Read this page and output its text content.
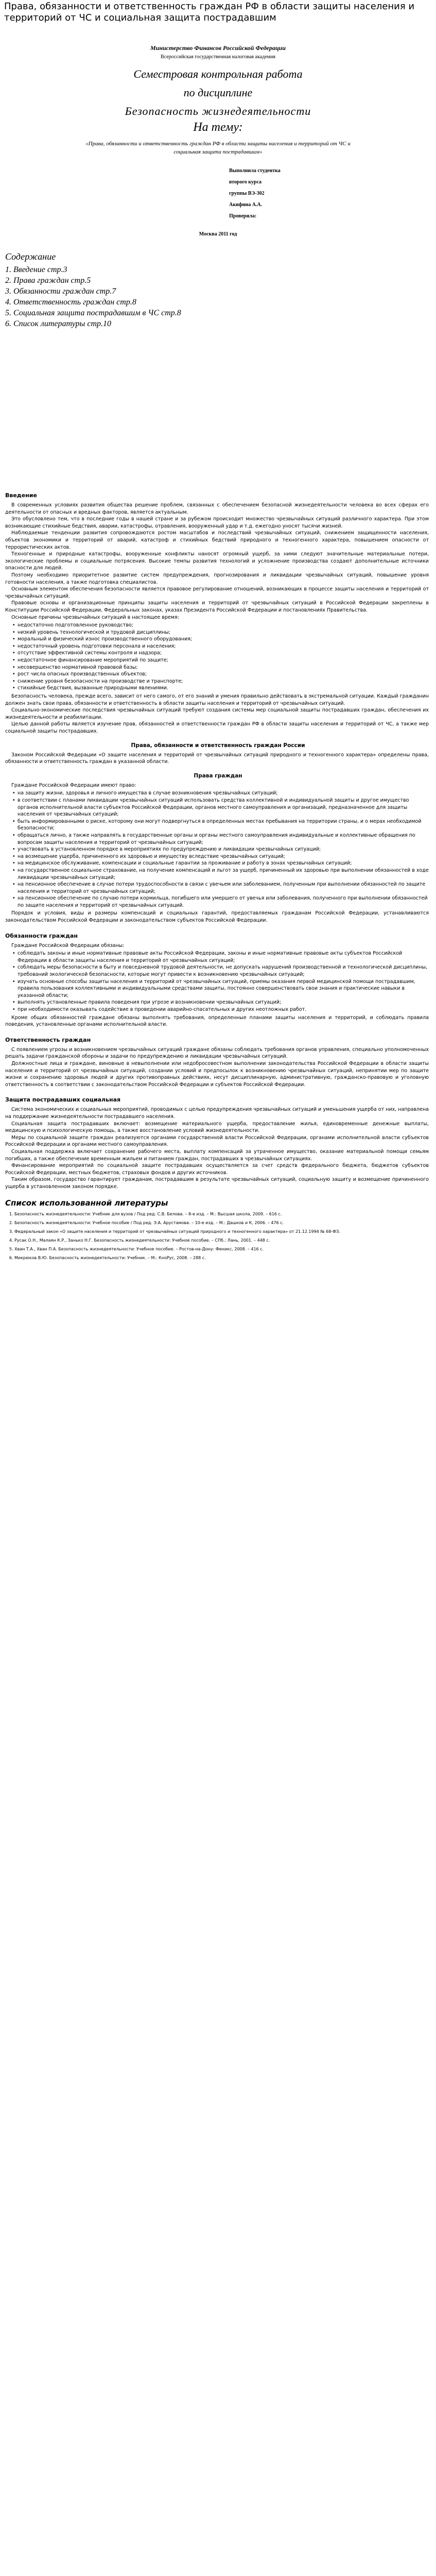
Права, обязанности и ответственность граждан РФ в области защиты населения и территорий от ЧС и социальная защита пострадавшим
Министерство Финансов Российской Федерации
Всероссийская государственная налоговая академия
Семестровая контрольная работа
по дисциплине
Безопасность жизнедеятельности
На тему:
«Права, обязанности и ответственность граждан РФ в области защиты населения и территорий от ЧС и социальная защита пострадавшим»
Выполнила студентка
второго курса
группы ВЭ-302
Акифина А.А.
Проверила:
Москва 2011 год
Содержание
1. Введение стр.3
2. Права граждан стр.5
3. Обязанности граждан стр.7
4. Ответственность граждан стр.8
5. Социальная защита пострадавшим в ЧС стр.8
6. Список литературы стр.10
Введение

В современных условиях развития общества решение проблем, связанных с обеспечением безопасной жизнедеятельности человека во всех сферах его деятельности от опасных и вредных факторов, является актуальным.

Это обусловлено тем, что в последние годы в нашей стране и за рубежом происходит множество чрезвычайных ситуаций различного характера. При этом возникающие стихийные бедствия, аварии, катастрофы, отравления, вооруженный удар и т.д. ежегодно уносят тысячи жизней.

Наблюдаемые тенденции развития сопровождаются ростом масштабов и последствий чрезвычайных ситуаций, снижением защищенности населения, объектов экономики и территорий от аварий, катастроф и стихийных бедствий природного и техногенного характера, повышением опасности от террористических актов.

Техногенные и природные катастрофы, вооруженные конфликты наносят огромный ущерб, за ними следуют значительные материальные потери, экологические проблемы и социальные потрясения. Высокие темпы развития технологий и усложнение производства создают дополнительные источники опасности для людей.

Поэтому необходимо приоритетное развитие систем предупреждения, прогнозирования и ликвидации чрезвычайных ситуаций, повышение уровня готовности населения, а также подготовка специалистов.

Основным элементом обеспечения безопасности является правовое регулирование отношений, возникающих в процессе защиты населения и территорий от чрезвычайных ситуаций.

Правовые основы и организационные принципы защиты населения и территорий от чрезвычайных ситуаций в Российской Федерации закреплены в Конституции Российской Федерации, Федеральных законах, указах Президента Российской Федерации и постановлениях Правительства.

Основные причины чрезвычайных ситуаций в настоящее время:

• недостаточно подготовленное руководство;
• низкий уровень технологической и трудовой дисциплины;
• моральный и физический износ производственного оборудования;
• недостаточный уровень подготовки персонала и населения;
• отсутствие эффективной системы контроля и надзора;
• недостаточное финансирование мероприятий по защите;
• несовершенство нормативной правовой базы;
• рост числа опасных производственных объектов;
• снижение уровня безопасности на производстве и транспорте;
• стихийные бедствия, вызванные природными явлениями.

Безопасность человека, прежде всего, зависит от него самого, от его знаний и умения правильно действовать в экстремальной ситуации. Каждый гражданин должен знать свои права, обязанности и ответственность в области защиты населения и территорий от чрезвычайных ситуаций.

Социально-экономические последствия чрезвычайных ситуаций требуют создания системы мер социальной защиты пострадавших граждан, обеспечения их жизнедеятельности и реабилитации.

Целью данной работы является изучение прав, обязанностей и ответственности граждан РФ в области защиты населения и территорий от ЧС, а также мер социальной защиты пострадавших.

Права, обязанности и ответственность граждан России

Законом Российской Федерации «О защите населения и территорий от чрезвычайных ситуаций природного и техногенного характера» определены права, обязанности и ответственность граждан в указанной области.

Права граждан

Граждане Российской Федерации имеют право:

• на защиту жизни, здоровья и личного имущества в случае возникновения чрезвычайных ситуаций;
• в соответствии с планами ликвидации чрезвычайных ситуаций использовать средства коллективной и индивидуальной защиты и другое имущество органов исполнительной власти субъектов Российской Федерации, органов местного самоуправления и организаций, предназначенное для защиты населения от чрезвычайных ситуаций;
• быть информированными о риске, которому они могут подвергнуться в определенных местах пребывания на территории страны, и о мерах необходимой безопасности;
• обращаться лично, а также направлять в государственные органы и органы местного самоуправления индивидуальные и коллективные обращения по вопросам защиты населения и территорий от чрезвычайных ситуаций;
• участвовать в установленном порядке в мероприятиях по предупреждению и ликвидации чрезвычайных ситуаций;
• на возмещение ущерба, причиненного их здоровью и имуществу вследствие чрезвычайных ситуаций;
• на медицинское обслуживание, компенсации и социальные гарантии за проживание и работу в зонах чрезвычайных ситуаций;
• на государственное социальное страхование, на получение компенсаций и льгот за ущерб, причиненный их здоровью при выполнении обязанностей в ходе ликвидации чрезвычайных ситуаций;
• на пенсионное обеспечение в случае потери трудоспособности в связи с увечьем или заболеванием, полученным при выполнении обязанностей по защите населения и территорий от чрезвычайных ситуаций;
• на пенсионное обеспечение по случаю потери кормильца, погибшего или умершего от увечья или заболевания, полученного при выполнении обязанностей по защите населения и территорий от чрезвычайных ситуаций.

Порядок и условия, виды и размеры компенсаций и социальных гарантий, предоставляемых гражданам Российской Федерации, устанавливаются законодательством Российской Федерации и законодательством субъектов Российской Федерации.

Обязанности граждан

Граждане Российской Федерации обязаны:

• соблюдать законы и иные нормативные правовые акты Российской Федерации, законы и иные нормативные правовые акты субъектов Российской Федерации в области защиты населения и территорий от чрезвычайных ситуаций;
• соблюдать меры безопасности в быту и повседневной трудовой деятельности, не допускать нарушений производственной и технологической дисциплины, требований экологической безопасности, которые могут привести к возникновению чрезвычайных ситуаций;
• изучать основные способы защиты населения и территорий от чрезвычайных ситуаций, приемы оказания первой медицинской помощи пострадавшим, правила пользования коллективными и индивидуальными средствами защиты, постоянно совершенствовать свои знания и практические навыки в указанной области;
• выполнять установленные правила поведения при угрозе и возникновении чрезвычайных ситуаций;
• при необходимости оказывать содействие в проведении аварийно-спасательных и других неотложных работ.

Кроме общих обязанностей граждане обязаны выполнять требования, определенные планами защиты населения и территорий, и соблюдать правила поведения, установленные органами исполнительной власти.

Ответственность граждан

С появлением угрозы и возникновением чрезвычайных ситуаций граждане обязаны соблюдать требования органов управления, специально уполномоченных решать задачи гражданской обороны и задачи по предупреждению и ликвидации чрезвычайных ситуаций.

Должностные лица и граждане, виновные в невыполнении или недобросовестном выполнении законодательства Российской Федерации в области защиты населения и территорий от чрезвычайных ситуаций, создании условий и предпосылок к возникновению чрезвычайных ситуаций, непринятии мер по защите жизни и сохранению здоровья людей и других противоправных действиях, несут дисциплинарную, административную, гражданско-правовую и уголовную ответственность в соответствии с законодательством Российской Федерации и субъектов Российской Федерации.

Защита пострадавших социальная

Система экономических и социальных мероприятий, проводимых с целью предупреждения чрезвычайных ситуаций и уменьшения ущерба от них, направлена на поддержание жизнедеятельности пострадавшего населения.

Социальная защита пострадавших включает: возмещение материального ущерба, предоставление жилья, единовременные денежные выплаты, медицинскую и психологическую помощь, а также восстановление условий жизнедеятельности.

Меры по социальной защите граждан реализуются органами государственной власти Российской Федерации, органами исполнительной власти субъектов Российской Федерации и органами местного самоуправления.

Социальная поддержка включает сохранение рабочего места, выплату компенсаций за утраченное имущество, оказание материальной помощи семьям погибших, а также обеспечение временным жильем и питанием граждан, пострадавших в чрезвычайных ситуациях.

Финансирование мероприятий по социальной защите пострадавших осуществляется за счет средств федерального бюджета, бюджетов субъектов Российской Федерации, местных бюджетов, страховых фондов и других источников.

Таким образом, государство гарантирует гражданам, пострадавшим в результате чрезвычайных ситуаций, социальную защиту и возмещение причиненного ущерба в установленном законом порядке.

Список использованной литературы
1. Безопасность жизнедеятельности: Учебник для вузов / Под ред. С.В. Белова. – 8-е изд. – М.: Высшая школа, 2009. – 616 с.
2. Безопасность жизнедеятельности: Учебное пособие / Под ред. Э.А. Арустамова. – 10-е изд. – М.: Дашков и К, 2006. – 476 с.
3. Федеральный закон «О защите населения и территорий от чрезвычайных ситуаций природного и техногенного характера» от 21.12.1994 № 68-ФЗ.
4. Русак О.Н., Малаян К.Р., Занько Н.Г. Безопасность жизнедеятельности: Учебное пособие. – СПб.: Лань, 2001. – 448 с.
5. Хван Т.А., Хван П.А. Безопасность жизнедеятельности: Учебное пособие. – Ростов-на-Дону: Феникс, 2008. – 416 с.
6. Микрюков В.Ю. Безопасность жизнедеятельности: Учебник. – М.: КноРус, 2008. – 288 с.
